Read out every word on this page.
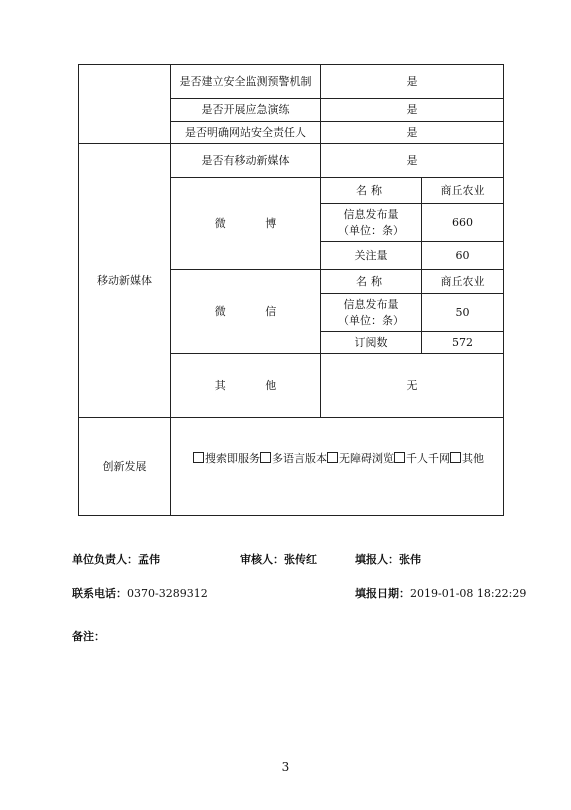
	是否建立安全监测预警机制	是	
	是否开展应急演练	是	
	是否明确网站安全责任人	是	
移动新媒体	是否有移动新媒体	是	
	微 博	名称	商丘农业
		信息发布量（单位：条）	660
		关注量	60
	微 信	名称	商丘农业
		信息发布量（单位：条）	50
		订阅数	572
	其 他	无	
创新发展	搜索即服务 多语言版本 无障碍浏览 千人千网 其他		
单位负责人：孟伟	审核人：张传红	填报人：张伟
联系电话：0370-3289312	填报日期：2019-01-08 18:22:29
备注：
3
